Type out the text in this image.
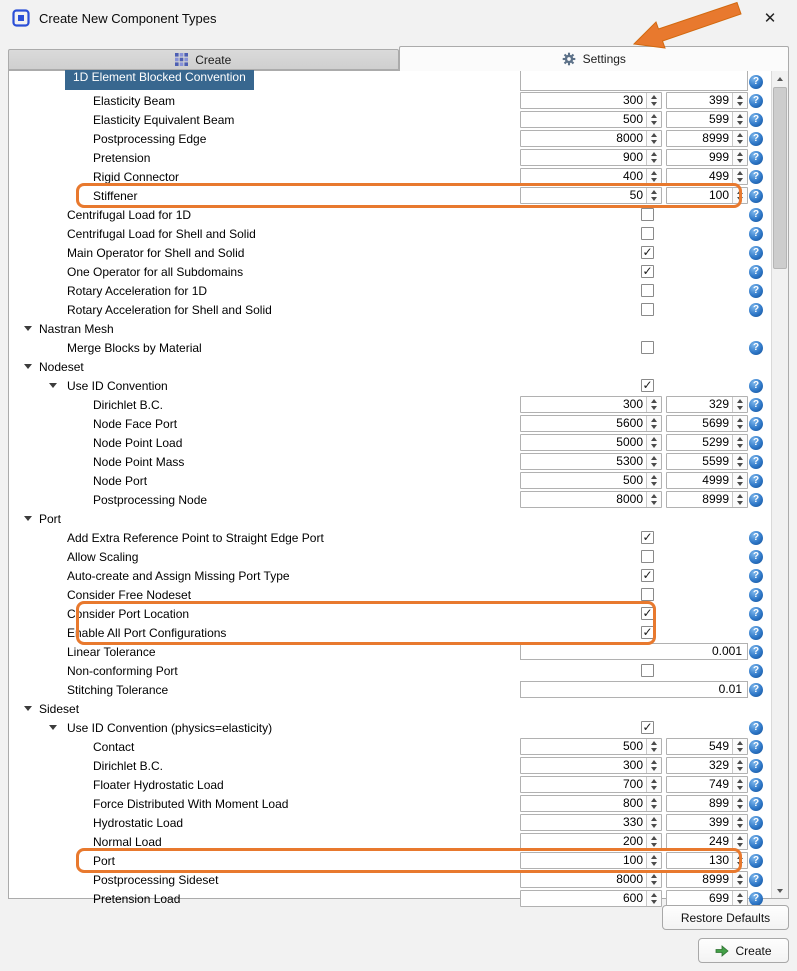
Create New Component Types	✕
Create	Settings
1D Element Blocked Convention	?
Elasticity Beam	300	399	?
Elasticity Equivalent Beam	500	599	?
Postprocessing Edge	8000	8999	?
Pretension	900	999	?
Rigid Connector	400	499	?
Stiffener	50	100	?
Centrifugal Load for 1D	?
Centrifugal Load for Shell and Solid	?
Main Operator for Shell and Solid	✓	?
One Operator for all Subdomains	✓	?
Rotary Acceleration for 1D	?
Rotary Acceleration for Shell and Solid	?
Nastran Mesh
Merge Blocks by Material	?
Nodeset
Use ID Convention	✓	?
Dirichlet B.C.	300	329	?
Node Face Port	5600	5699	?
Node Point Load	5000	5299	?
Node Point Mass	5300	5599	?
Node Port	500	4999	?
Postprocessing Node	8000	8999	?
Port
Add Extra Reference Point to Straight Edge Port	✓	?
Allow Scaling	?
Auto-create and Assign Missing Port Type	✓	?
Consider Free Nodeset	?
Consider Port Location	✓	?
Enable All Port Configurations	✓	?
Linear Tolerance	0.001	?
Non-conforming Port	?
Stitching Tolerance	0.01	?
Sideset
Use ID Convention (physics=elasticity)	✓	?
Contact	500	549	?
Dirichlet B.C.	300	329	?
Floater Hydrostatic Load	700	749	?
Force Distributed With Moment Load	800	899	?
Hydrostatic Load	330	399	?
Normal Load	200	249	?
Port	100	130	?
Postprocessing Sideset	8000	8999	?
Pretension Load	600	699	?
Restore Defaults
Create
